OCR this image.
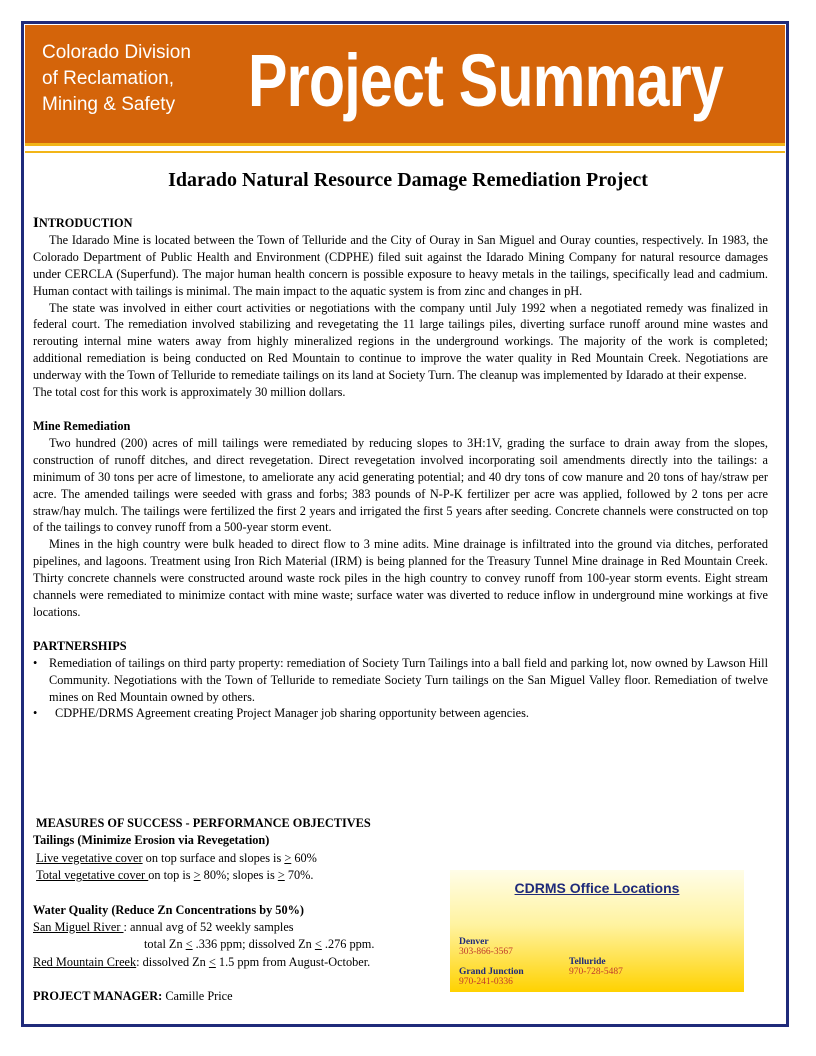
Colorado Division
of Reclamation,
Mining & Safety Project Summary
Idarado Natural Resource Damage Remediation Project
INTRODUCTION

The Idarado Mine is located between the Town of Telluride and the City of Ouray in San Miguel and Ouray counties, respectively. In 1983, the Colorado Department of Public Health and Environment (CDPHE) filed suit against the Idarado Mining Company for natural resource damages under CERCLA (Superfund). The major human health concern is possible exposure to heavy metals in the tailings, specifically lead and cadmium. Human contact with tailings is minimal. The main impact to the aquatic system is from zinc and changes in pH.

The state was involved in either court activities or negotiations with the company until July 1992 when a negotiated remedy was finalized in federal court. The remediation involved stabilizing and revegetating the 11 large tailings piles, diverting surface runoff around mine wastes and rerouting internal mine waters away from highly mineralized regions in the underground workings. The majority of the work is completed; additional remediation is being conducted on Red Mountain to continue to improve the water quality in Red Mountain Creek. Negotiations are underway with the Town of Telluride to remediate tailings on its land at Society Turn. The cleanup was implemented by Idarado at their expense.

The total cost for this work is approximately 30 million dollars.

Mine Remediation

Two hundred (200) acres of mill tailings were remediated by reducing slopes to 3H:1V, grading the surface to drain away from the slopes, construction of runoff ditches, and direct revegetation. Direct revegetation involved incorporating soil amendments directly into the tailings: a minimum of 30 tons per acre of limestone, to ameliorate any acid generating potential; and 40 dry tons of cow manure and 20 tons of hay/straw per acre. The amended tailings were seeded with grass and forbs; 383 pounds of N-P-K fertilizer per acre was applied, followed by 2 tons per acre straw/hay mulch. The tailings were fertilized the first 2 years and irrigated the first 5 years after seeding. Concrete channels were constructed on top of the tailings to convey runoff from a 500-year storm event.

Mines in the high country were bulk headed to direct flow to 3 mine adits. Mine drainage is infiltrated into the ground via ditches, perforated pipelines, and lagoons. Treatment using Iron Rich Material (IRM) is being planned for the Treasury Tunnel Mine drainage in Red Mountain Creek. Thirty concrete channels were constructed around waste rock piles in the high country to convey runoff from 100-year storm events. Eight stream channels were remediated to minimize contact with mine waste; surface water was diverted to reduce inflow in underground mine workings at five locations.

PARTNERSHIPS
• Remediation of tailings on third party property: remediation of Society Turn Tailings into a ball field and parking lot, now owned by Lawson Hill Community. Negotiations with the Town of Telluride to remediate Society Turn tailings on the San Miguel Valley floor. Remediation of twelve mines on Red Mountain owned by others.

•	CDPHE/DRMS Agreement creating Project Manager job sharing opportunity between agencies.

MEASURES OF SUCCESS - PERFORMANCE OBJECTIVES
Tailings (Minimize Erosion via Revegetation)
Live vegetative cover on top surface and slopes is > 60%
Total vegetative cover on top is > 80%; slopes is > 70%.
Water Quality (Reduce Zn Concentrations by 50%)
San Miguel River : annual avg of 52 weekly samples
total Zn < .336 ppm; dissolved Zn < .276 ppm.
Red Mountain Creek: dissolved Zn < 1.5 ppm from August-October.
PROJECT MANAGER: Camille Price
CDRMS Office Locations
Denver
303-866-3567
Grand Junction
970-241-0336
Telluride
970-728-5487
